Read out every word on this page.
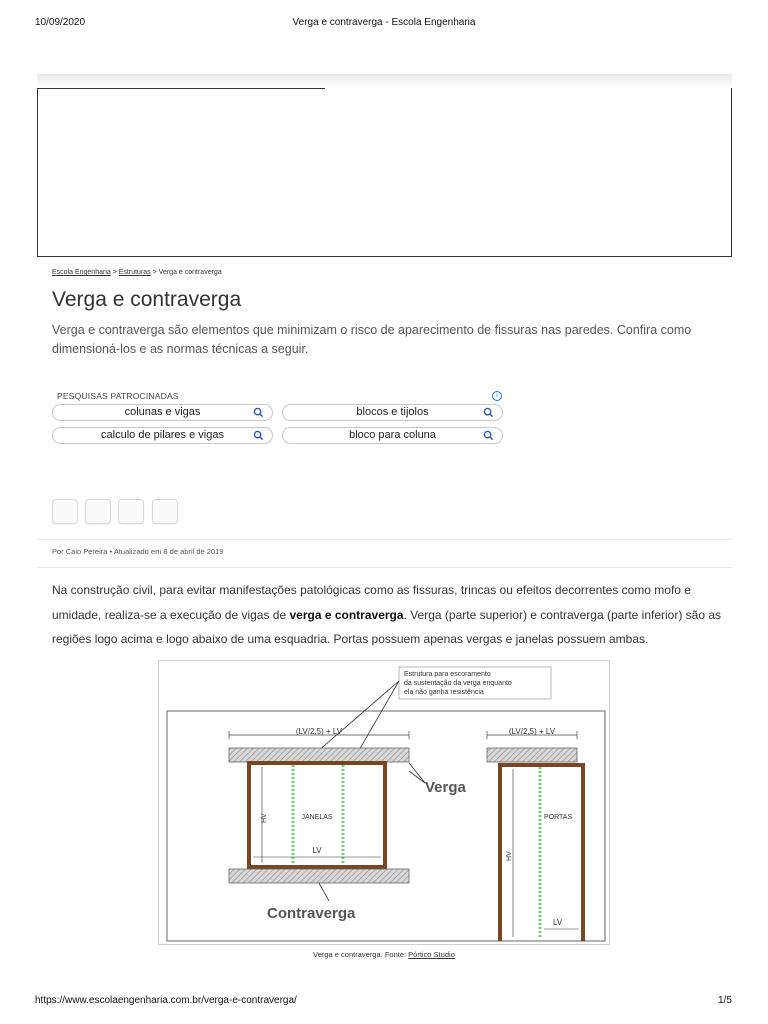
10/09/2020	Verga e contraverga - Escola Engenharia
Escola Engenharia > Estruturas > Verga e contraverga
Verga e contraverga
Verga e contraverga são elementos que minimizam o risco de aparecimento de fissuras nas paredes. Confira como dimensioná-los e as normas técnicas a seguir.
PESQUISAS PATROCINADAS	i
colunas e vigas	blocos e tijolos
calculo de pilares e vigas	bloco para coluna
Por Caio Pereira • Atualizado em 8 de abril de 2019
Na construção civil, para evitar manifestações patológicas como as fissuras, trincas ou efeitos decorrentes como mofo e umidade, realiza-se a execução de vigas de verga e contraverga. Verga (parte superior) e contraverga (parte inferior) são as regiões logo acima e logo abaixo de uma esquadria. Portas possuem apenas vergas e janelas possuem ambas.
Estrutura para escoramento
da sustentação da verga enquanto
ela não ganha resistência
(LV/2,5) + LV
HV	JANELAS
LV
Verga
Contraverga
(LV/2,5) + LV
HV
PORTAS
LV
Verga e contraverga. Fonte: Pórtico Studio
https://www.escolaengenharia.com.br/verga-e-contraverga/	1/5
